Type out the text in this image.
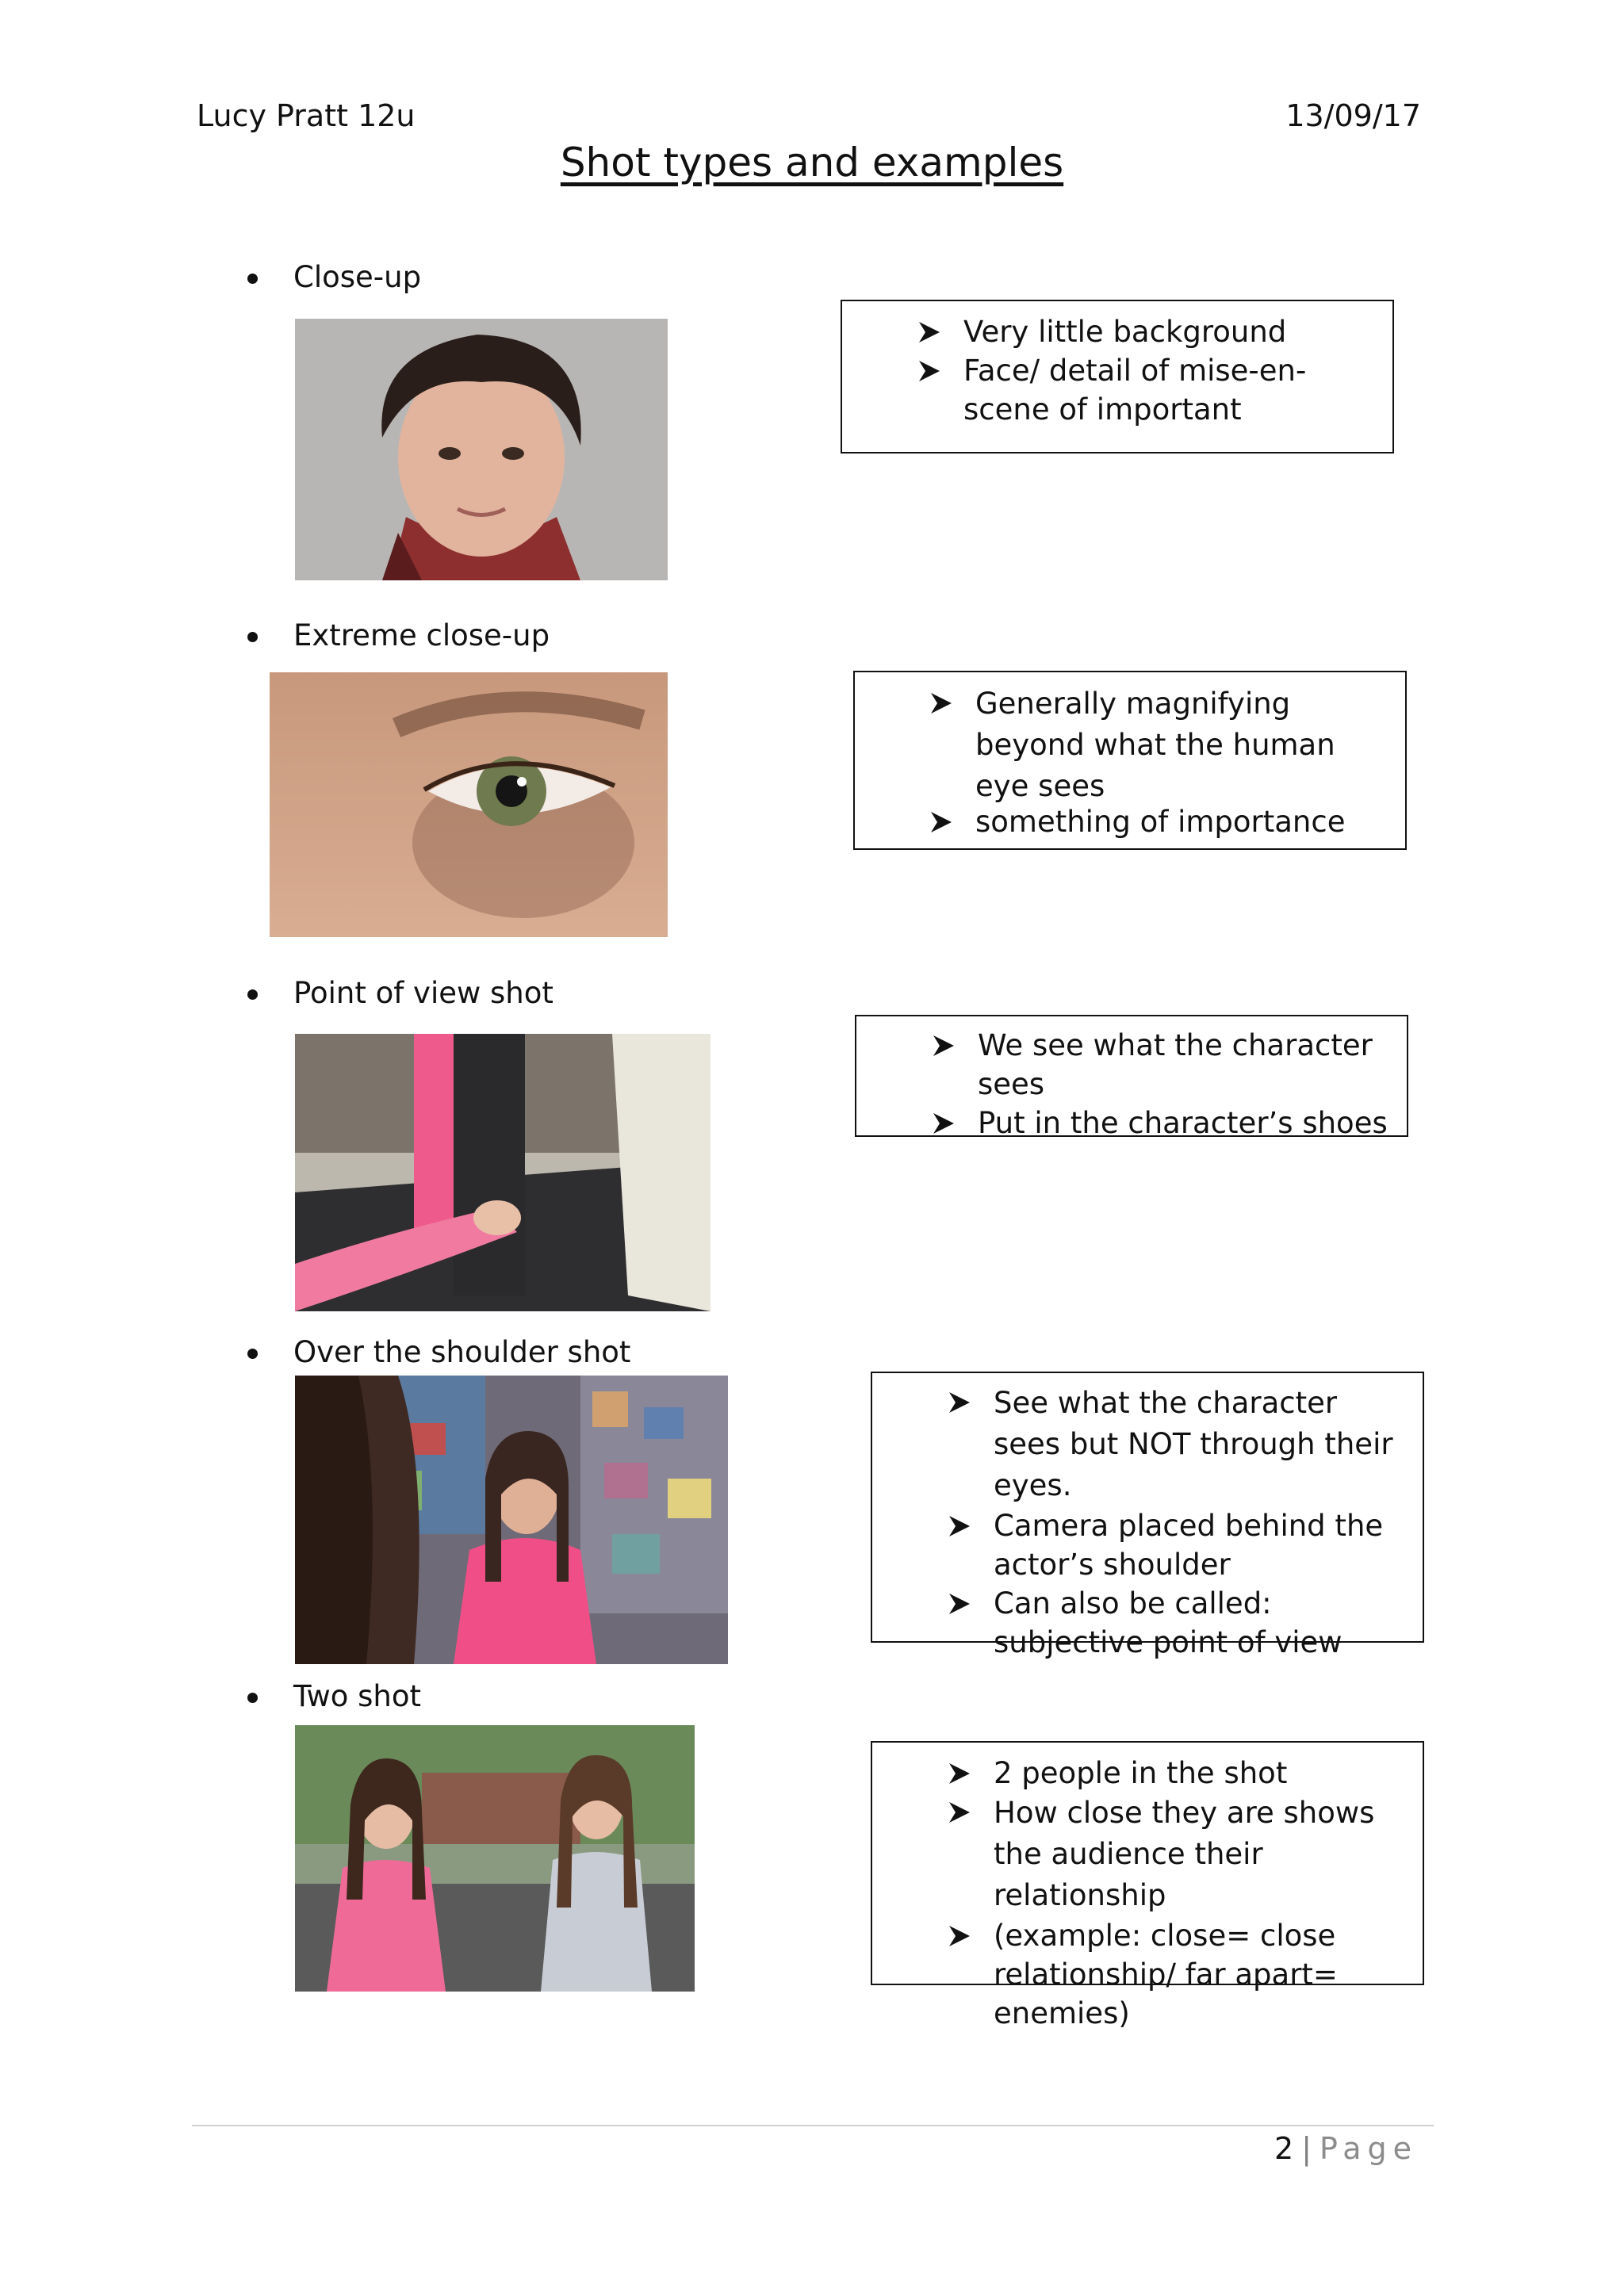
Lucy Pratt 12u	13/09/17
Shot types and examples
Close-up
Very little background
Face/ detail of mise-en-scene of important
Extreme close-up
Generally magnifying beyond what the human eye sees
something of importance
Point of view shot
We see what the character sees
Put in the character’s shoes
Over the shoulder shot
See what the character sees but NOT through their eyes.
Camera placed behind the actor’s shoulder
Can also be called: subjective point of view
Two shot
2 people in the shot
How close they are shows the audience their relationship
(example: close= close relationship/ far apart= enemies)
2 | Page
